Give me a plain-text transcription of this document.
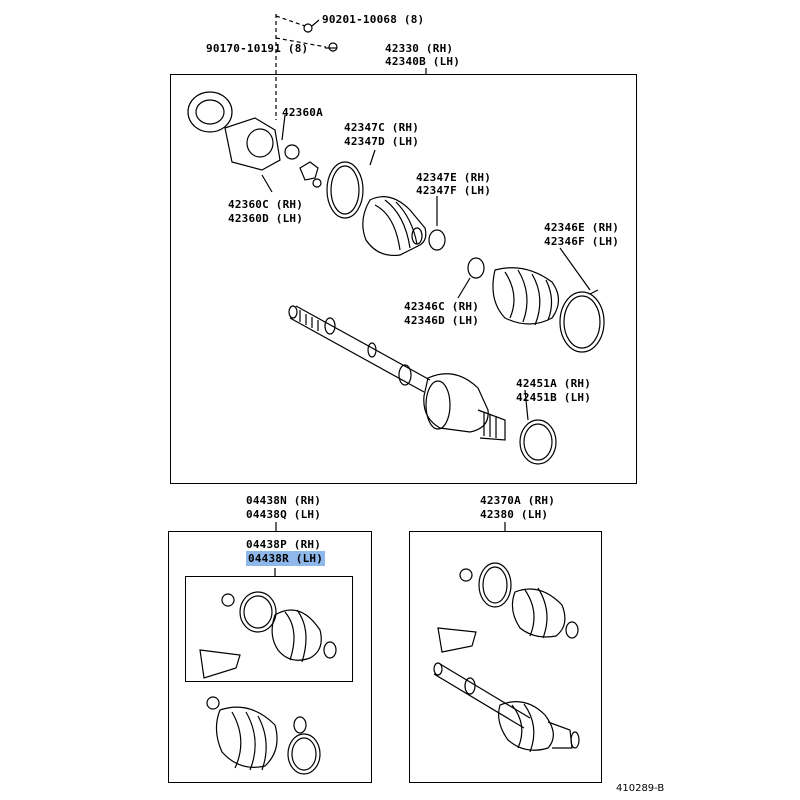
90201-10068 (8)
90170-10191 (8)	42330 (RH)
42340B (LH)
42360A
42347C (RH)
42347D (LH)
42347E (RH)
42347F (LH)
42360C (RH)
42360D (LH)
42346E (RH)
42346F (LH)
42346C (RH)
42346D (LH)
42451A (RH)
42451B (LH)
04438N (RH)
04438Q (LH)
04438P (RH)
04438R (LH)
42370A (RH)
42380 (LH)
410289-B
